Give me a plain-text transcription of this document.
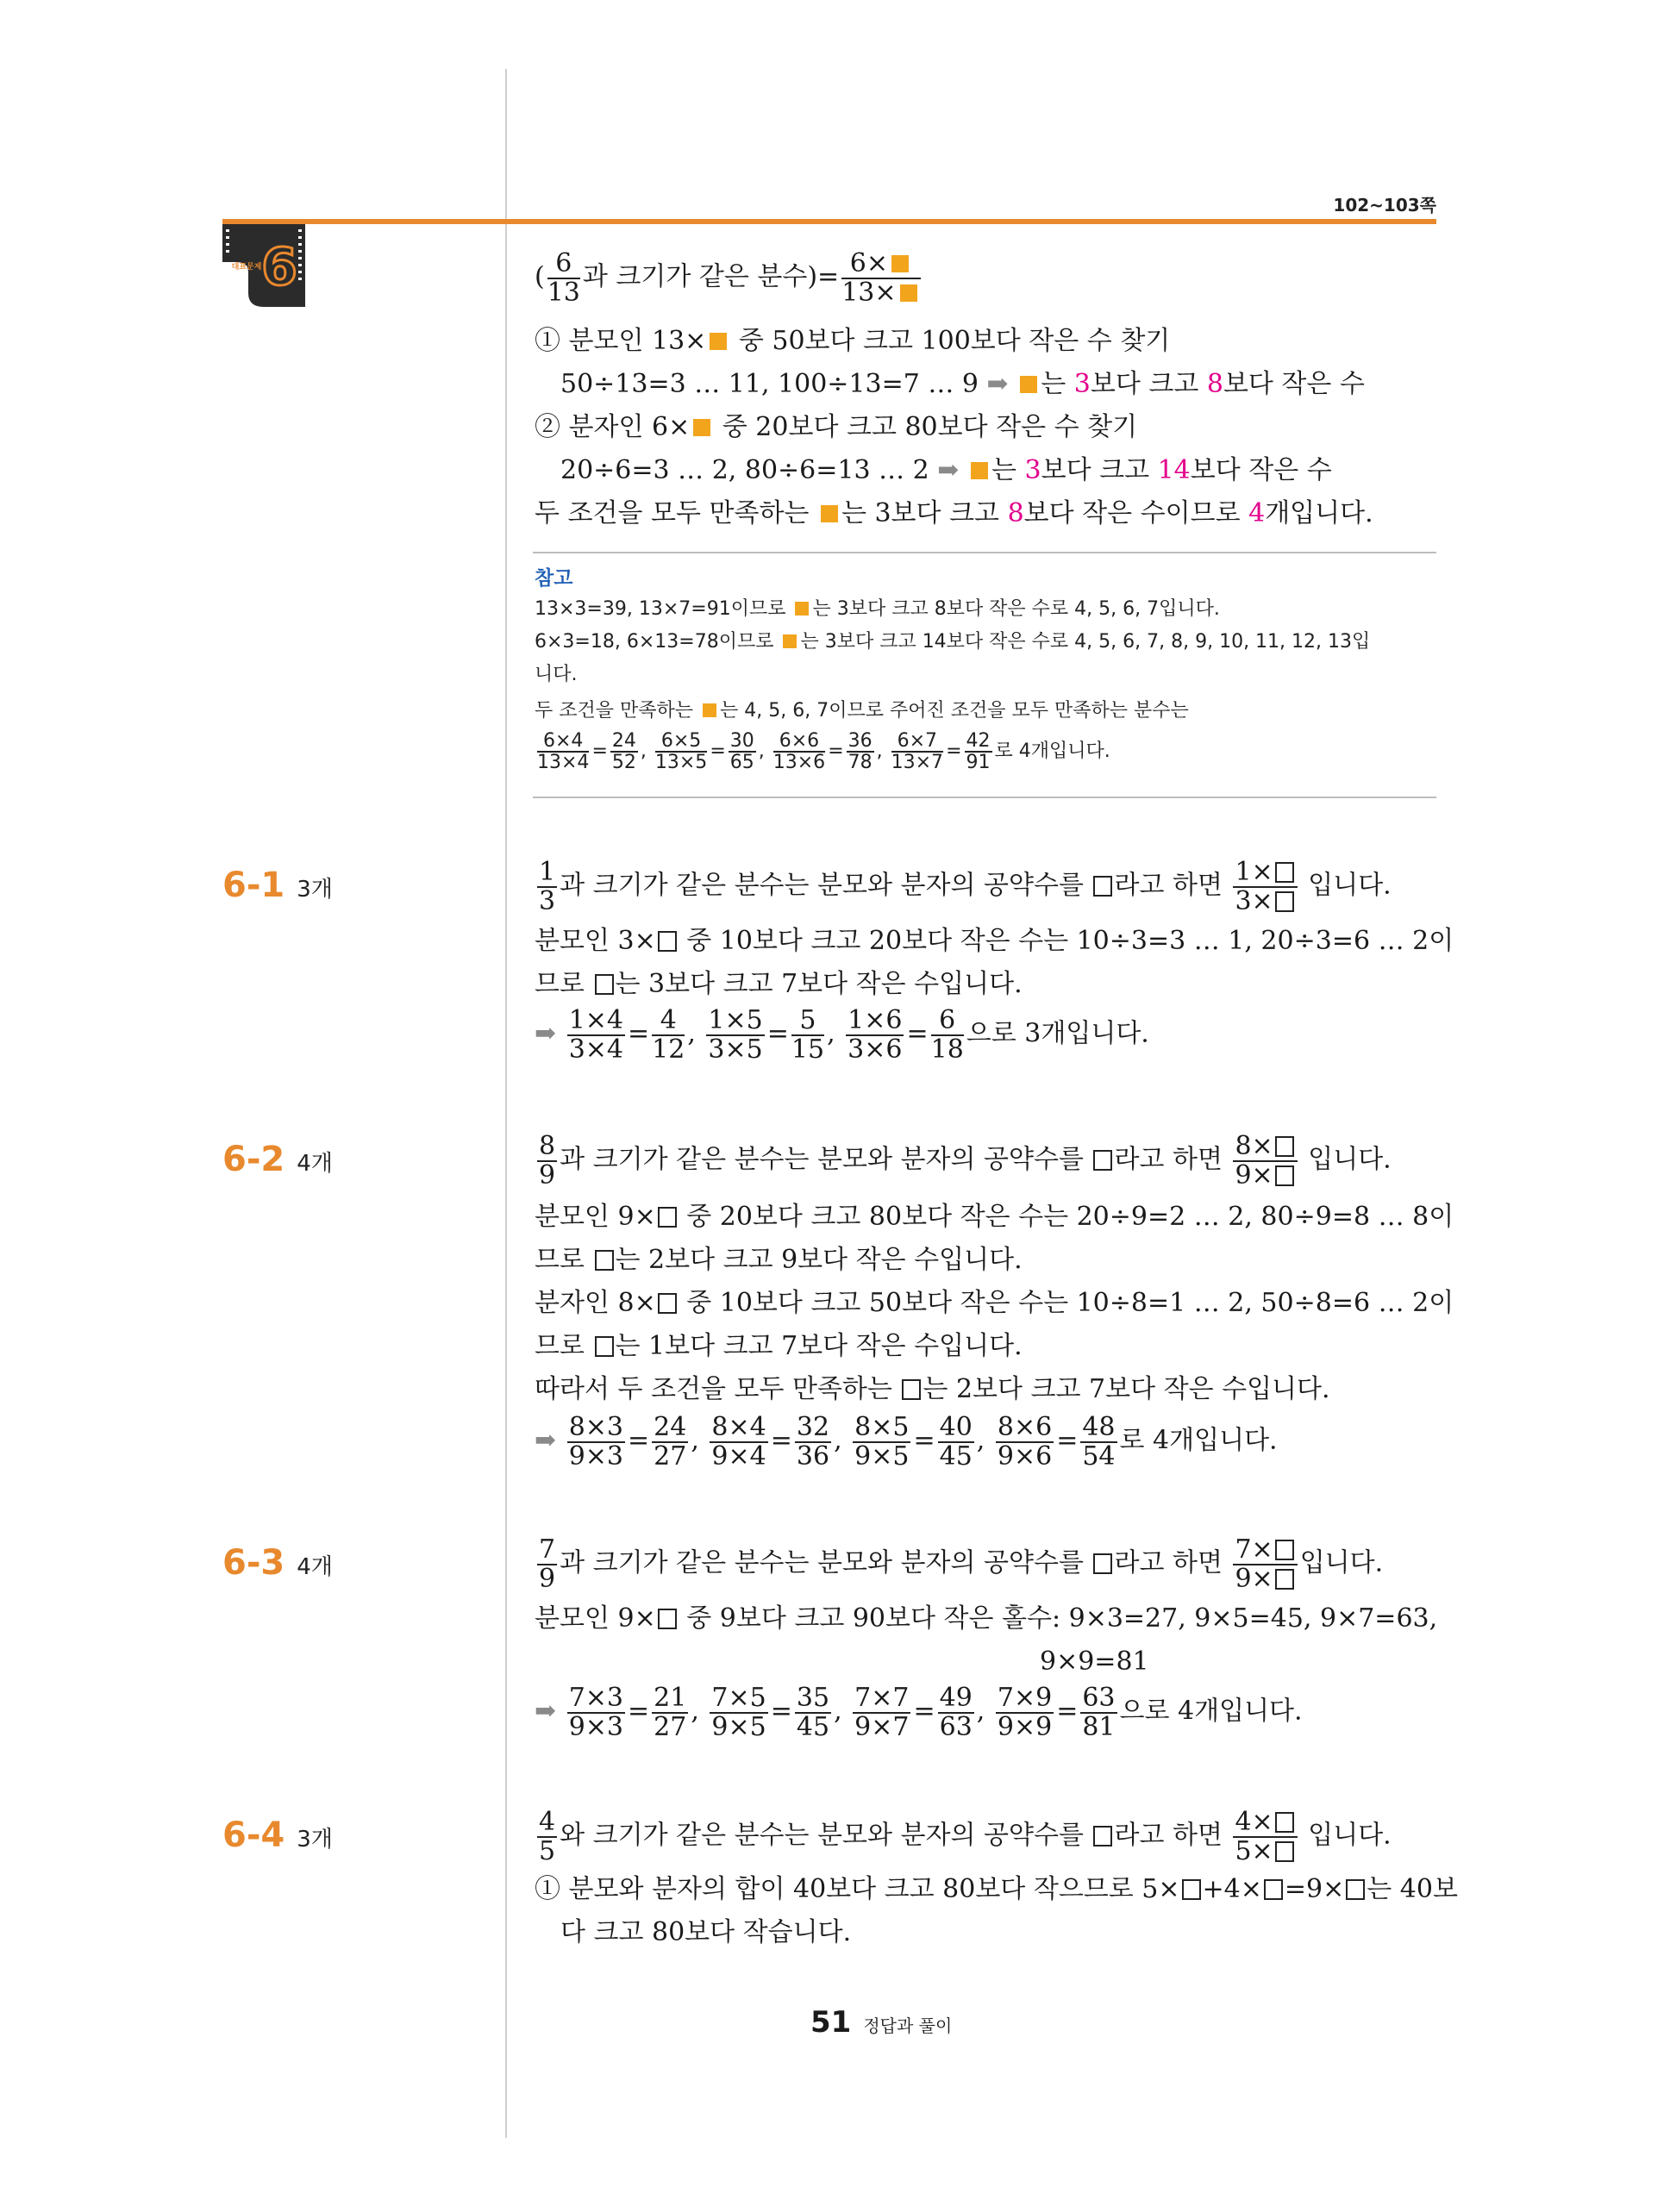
102~103쪽
대표문제 6	( $\frac{6}{13}$ 과 크기가 같은 분수)= $\frac{6\times}{13\times}$
① 분모인 13× 중 50보다 크고 100보다 작은 수 찾기
50÷13=3 … 11, 100÷13=7 … 9 ➡ 는 3보다 크고 8보다 작은 수
② 분자인 6× 중 20보다 크고 80보다 작은 수 찾기
20÷6=3 … 2, 80÷6=13 … 2 ➡ 는 3보다 크고 14보다 작은 수
두 조건을 모두 만족하는 는 3보다 크고 8보다 작은 수이므로 4개입니다.
참고
13×3=39, 13×7=91이므로 는 3보다 크고 8보다 작은 수로 4, 5, 6, 7입니다.
6×3=18, 6×13=78이므로 는 3보다 크고 14보다 작은 수로 4, 5, 6, 7, 8, 9, 10, 11, 12, 13입
니다.
두 조건을 만족하는 는 4, 5, 6, 7이므로 주어진 조건을 모두 만족하는 분수는
$\frac{6\times 4}{13\times 4} = \frac{24}{52}$ , $\frac{6\times 5}{13\times 5} = \frac{30}{65}$ , $\frac{6\times 6}{13\times 6} = \frac{36}{78}$ , $\frac{6\times 7}{13\times 7} = \frac{42}{91}$ 로 4개입니다.
6-1 3개	$\frac{1}{3}$ 과 크기가 같은 분수는 분모와 분자의 공약수를 라고 하면 $\frac{1\times}{3\times}$ 입니다.
분모인 3× 중 10보다 크고 20보다 작은 수는 10÷3=3 … 1, 20÷3=6 … 2이
므로 는 3보다 크고 7보다 작은 수입니다.
➡ $\frac{1\times 4}{3\times 4} = \frac{4}{12}$ , $\frac{1\times 5}{3\times 5} = \frac{5}{15}$ , $\frac{1\times 6}{3\times 6} = \frac{6}{18}$ 으로 3개입니다.
6-2 4개	$\frac{8}{9}$ 과 크기가 같은 분수는 분모와 분자의 공약수를 라고 하면 $\frac{8\times}{9\times}$ 입니다.
분모인 9× 중 20보다 크고 80보다 작은 수는 20÷9=2 … 2, 80÷9=8 … 8이
므로 는 2보다 크고 9보다 작은 수입니다.
분자인 8× 중 10보다 크고 50보다 작은 수는 10÷8=1 … 2, 50÷8=6 … 2이
므로 는 1보다 크고 7보다 작은 수입니다.
따라서 두 조건을 모두 만족하는 는 2보다 크고 7보다 작은 수입니다.
➡ $\frac{8\times 3}{9\times 3} = \frac{24}{27}$ , $\frac{8\times 4}{9\times 4} = \frac{32}{36}$ , $\frac{8\times 5}{9\times 5} = \frac{40}{45}$ , $\frac{8\times 6}{9\times 6} = \frac{48}{54}$ 로 4개입니다.
6-3 4개	$\frac{7}{9}$ 과 크기가 같은 분수는 분모와 분자의 공약수를 라고 하면 $\frac{7\times}{9\times}$ 입니다.
분모인 9× 중 9보다 크고 90보다 작은 홀수: 9×3=27, 9×5=45, 9×7=63,
9×9=81
➡ $\frac{7\times 3}{9\times 3} = \frac{21}{27}$ , $\frac{7\times 5}{9\times 5} = \frac{35}{45}$ , $\frac{7\times 7}{9\times 7} = \frac{49}{63}$ , $\frac{7\times 9}{9\times 9} = \frac{63}{81}$ 으로 4개입니다.
6-4 3개	$\frac{4}{5}$ 와 크기가 같은 분수는 분모와 분자의 공약수를 라고 하면 $\frac{4\times}{5\times}$ 입니다.
① 분모와 분자의 합이 40보다 크고 80보다 작으므로 5× +4× =9× 는 40보
다 크고 80보다 작습니다.
51 정답과 풀이
